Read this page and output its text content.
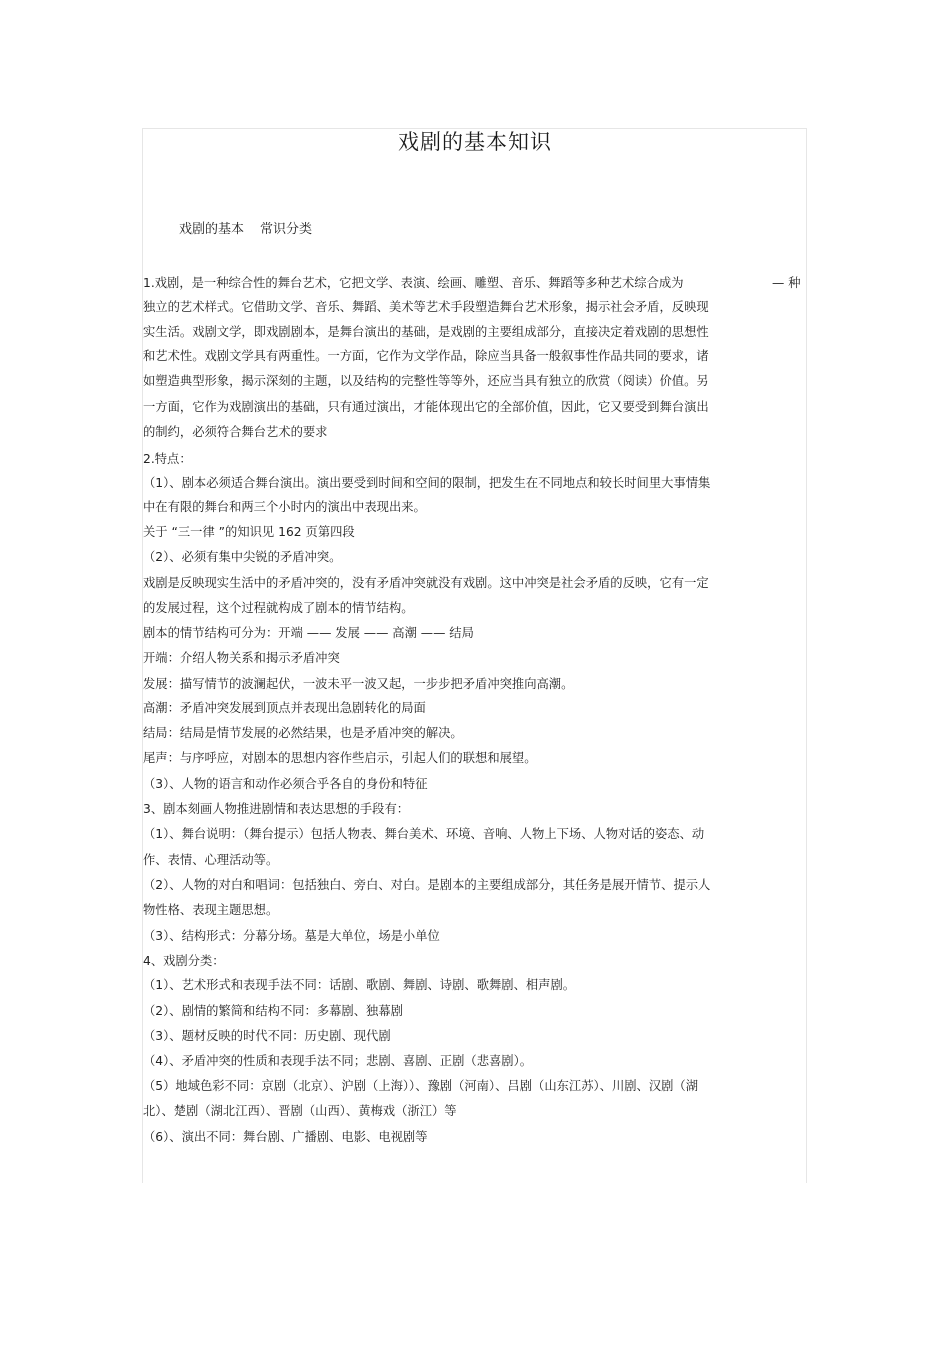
戏剧的基本知识
戏剧的基本 常识分类
— 种
1.戏剧，是一种综合性的舞台艺术，它把文学、表演、绘画、雕塑、音乐、舞蹈等多种艺术综合成为
独立的艺术样式。它借助文学、音乐、舞蹈、美术等艺术手段塑造舞台艺术形象，揭示社会矛盾，反映现
实生活。戏剧文学，即戏剧剧本，是舞台演出的基础，是戏剧的主要组成部分，直接决定着戏剧的思想性
和艺术性。戏剧文学具有两重性。一方面，它作为文学作品，除应当具备一般叙事性作品共同的要求，诸
如塑造典型形象，揭示深刻的主题，以及结构的完整性等等外，还应当具有独立的欣赏（阅读）价值。另
一方面，它作为戏剧演出的基础，只有通过演出，才能体现出它的全部价值，因此，它又要受到舞台演出
的制约，必须符合舞台艺术的要求
2.特点：
（1）、剧本必须适合舞台演出。演出要受到时间和空间的限制，把发生在不同地点和较长时间里大事情集
中在有限的舞台和两三个小时内的演出中表现出来。
关于 “三一律 ”的知识见 162 页第四段
（2）、必须有集中尖锐的矛盾冲突。
戏剧是反映现实生活中的矛盾冲突的，没有矛盾冲突就没有戏剧。这中冲突是社会矛盾的反映，它有一定
的发展过程，这个过程就构成了剧本的情节结构。
剧本的情节结构可分为：开端 —— 发展 —— 高潮 —— 结局
开端：介绍人物关系和揭示矛盾冲突
发展：描写情节的波澜起伏，一波未平一波又起，一步步把矛盾冲突推向高潮。
高潮：矛盾冲突发展到顶点并表现出急剧转化的局面
结局：结局是情节发展的必然结果，也是矛盾冲突的解决。
尾声：与序呼应，对剧本的思想内容作些启示，引起人们的联想和展望。
（3）、人物的语言和动作必须合乎各自的身份和特征
3、剧本刻画人物推进剧情和表达思想的手段有：
（1）、舞台说明：（舞台提示）包括人物表、舞台美术、环境、音响、人物上下场、人物对话的姿态、动
作、表情、心理活动等。
（2）、人物的对白和唱词：包括独白、旁白、对白。是剧本的主要组成部分，其任务是展开情节、提示人
物性格、表现主题思想。
（3）、结构形式：分幕分场。墓是大单位，场是小单位
4、戏剧分类：
（1）、艺术形式和表现手法不同：话剧、歌剧、舞剧、诗剧、歌舞剧、相声剧。
（2）、剧情的繁简和结构不同：多幕剧、独幕剧
（3）、题材反映的时代不同：历史剧、现代剧
（4）、矛盾冲突的性质和表现手法不同；悲剧、喜剧、正剧（悲喜剧）。
（5）地域色彩不同：京剧（北京）、沪剧（上海））、豫剧（河南）、吕剧（山东江苏）、川剧、汉剧（湖
北）、楚剧（湖北江西）、晋剧（山西）、黄梅戏（浙江）等
（6）、演出不同：舞台剧、广播剧、电影、电视剧等
